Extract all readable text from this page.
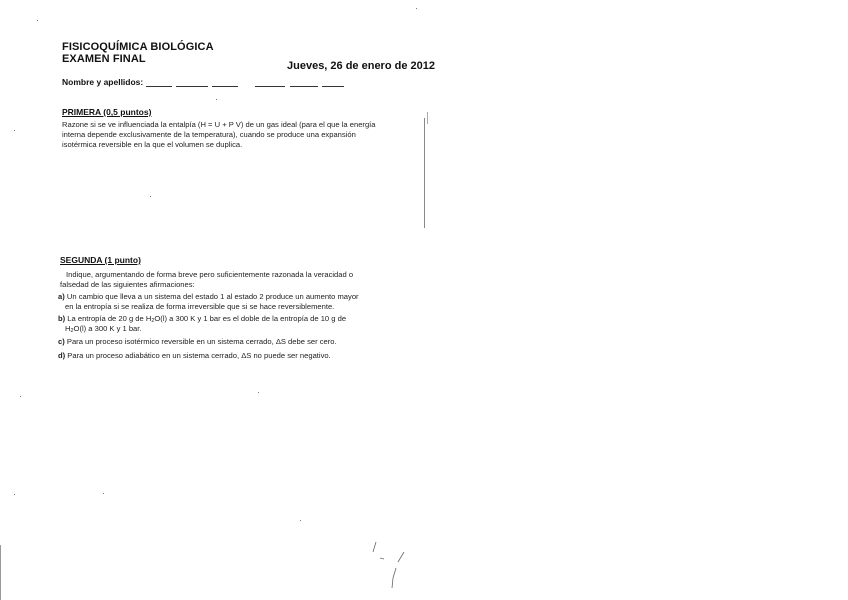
FISICOQUÍMICA BIOLÓGICA
EXAMEN FINAL
Jueves, 26 de enero de 2012
Nombre y apellidos:
PRIMERA (0,5 puntos)
Razone si se ve influenciada la entalpía (H = U + P V) de un gas ideal (para el que la energía
interna depende exclusivamente de la temperatura), cuando se produce una expansión
isotérmica reversible en la que el volumen se duplica.
SEGUNDA (1 punto)
Indique, argumentando de forma breve pero suficientemente razonada la veracidad o
falsedad de las siguientes afirmaciones:
a) Un cambio que lleva a un sistema del estado 1 al estado 2 produce un aumento mayor
en la entropía si se realiza de forma irreversible que si se hace reversiblemente.
b) La entropía de 20 g de $H_2O(l)$ a 300 K y 1 bar es el doble de la entropía de 10 g de
$H_2O(l)$ a 300 K y 1 bar.
c) Para un proceso isotérmico reversible en un sistema cerrado, ΔS debe ser cero.
d) Para un proceso adiabático en un sistema cerrado, ΔS no puede ser negativo.
